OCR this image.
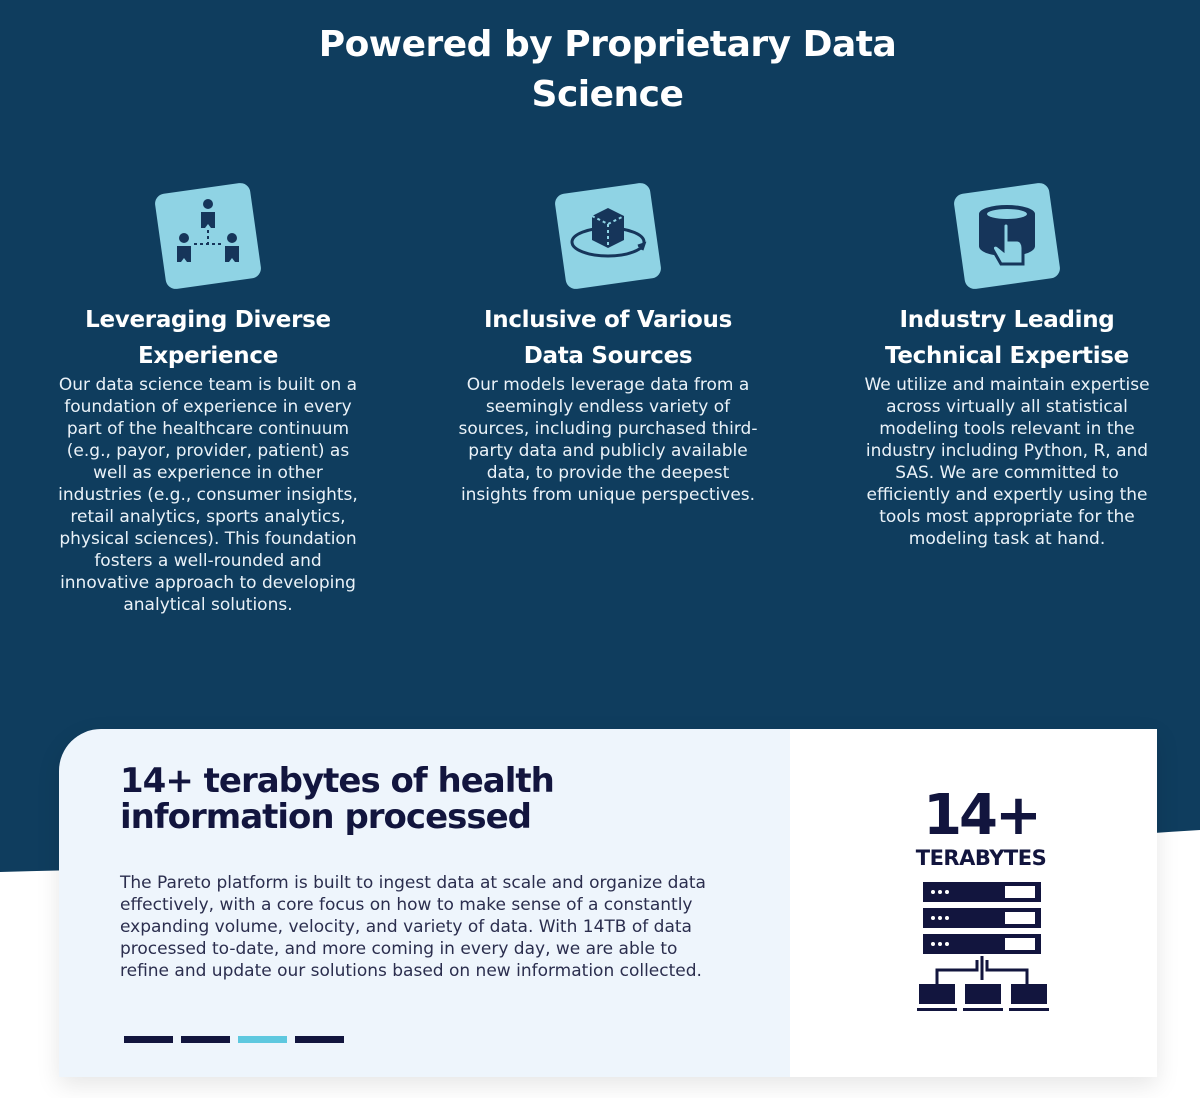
Powered by Proprietary Data Science
Leveraging Diverse Experience

Our data science team is built on a foundation of experience in every part of the healthcare continuum (e.g., payor, provider, patient) as well as experience in other industries (e.g., consumer insights, retail analytics, sports analytics, physical sciences). This foundation fosters a well-rounded and innovative approach to developing analytical solutions.

Inclusive of Various Data Sources

Our models leverage data from a seemingly endless variety of sources, including purchased third-party data and publicly available data, to provide the deepest insights from unique perspectives.

Industry Leading Technical Expertise

We utilize and maintain expertise across virtually all statistical modeling tools relevant in the industry including Python, R, and SAS. We are committed to efficiently and expertly using the tools most appropriate for the modeling task at hand.

14+ terabytes of health information processed

The Pareto platform is built to ingest data at scale and organize data effectively, with a core focus on how to make sense of a constantly expanding volume, velocity, and variety of data. With 14TB of data processed to-date, and more coming in every day, we are able to refine and update our solutions based on new information collected.

14+
TERABYTES
